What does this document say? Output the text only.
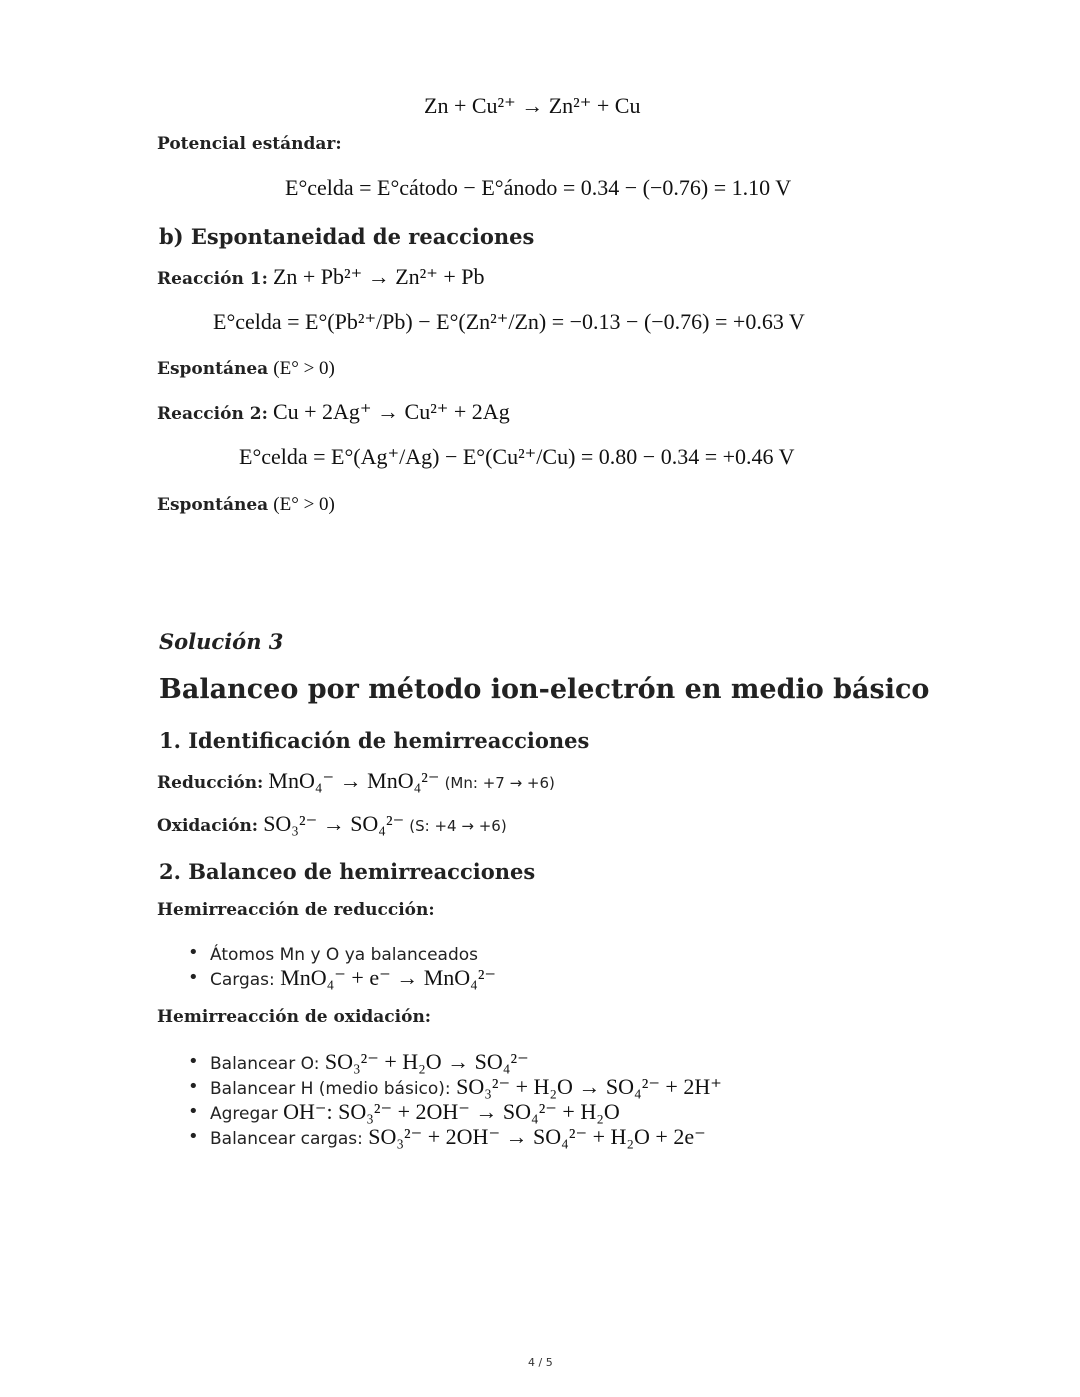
Zn + Cu²⁺ → Zn²⁺ + Cu
Potencial estándar:
E°celda = E°cátodo − E°ánodo = 0.34 − (−0.76) = 1.10 V
b) Espontaneidad de reacciones
Reacción 1: Zn + Pb²⁺ → Zn²⁺ + Pb
E°celda = E°(Pb²⁺/Pb) − E°(Zn²⁺/Zn) = −0.13 − (−0.76) = +0.63 V
Espontánea (E° > 0)
Reacción 2: Cu + 2Ag⁺ → Cu²⁺ + 2Ag
E°celda = E°(Ag⁺/Ag) − E°(Cu²⁺/Cu) = 0.80 − 0.34 = +0.46 V
Espontánea (E° > 0)
Solución 3
Balanceo por método ion-electrón en medio básico
1. Identificación de hemirreacciones
Reducción: MnO₄⁻ → MnO₄²⁻ (Mn: +7 → +6)
Oxidación: SO₃²⁻ → SO₄²⁻ (S: +4 → +6)
2. Balanceo de hemirreacciones
Hemirreacción de reducción:
• Átomos Mn y O ya balanceados
• Cargas: MnO₄⁻ + e⁻ → MnO₄²⁻
Hemirreacción de oxidación:
• Balancear O: SO₃²⁻ + H₂O → SO₄²⁻
• Balancear H (medio básico): SO₃²⁻ + H₂O → SO₄²⁻ + 2H⁺
• Agregar OH⁻: SO₃²⁻ + 2OH⁻ → SO₄²⁻ + H₂O
• Balancear cargas: SO₃²⁻ + 2OH⁻ → SO₄²⁻ + H₂O + 2e⁻
4 / 5
